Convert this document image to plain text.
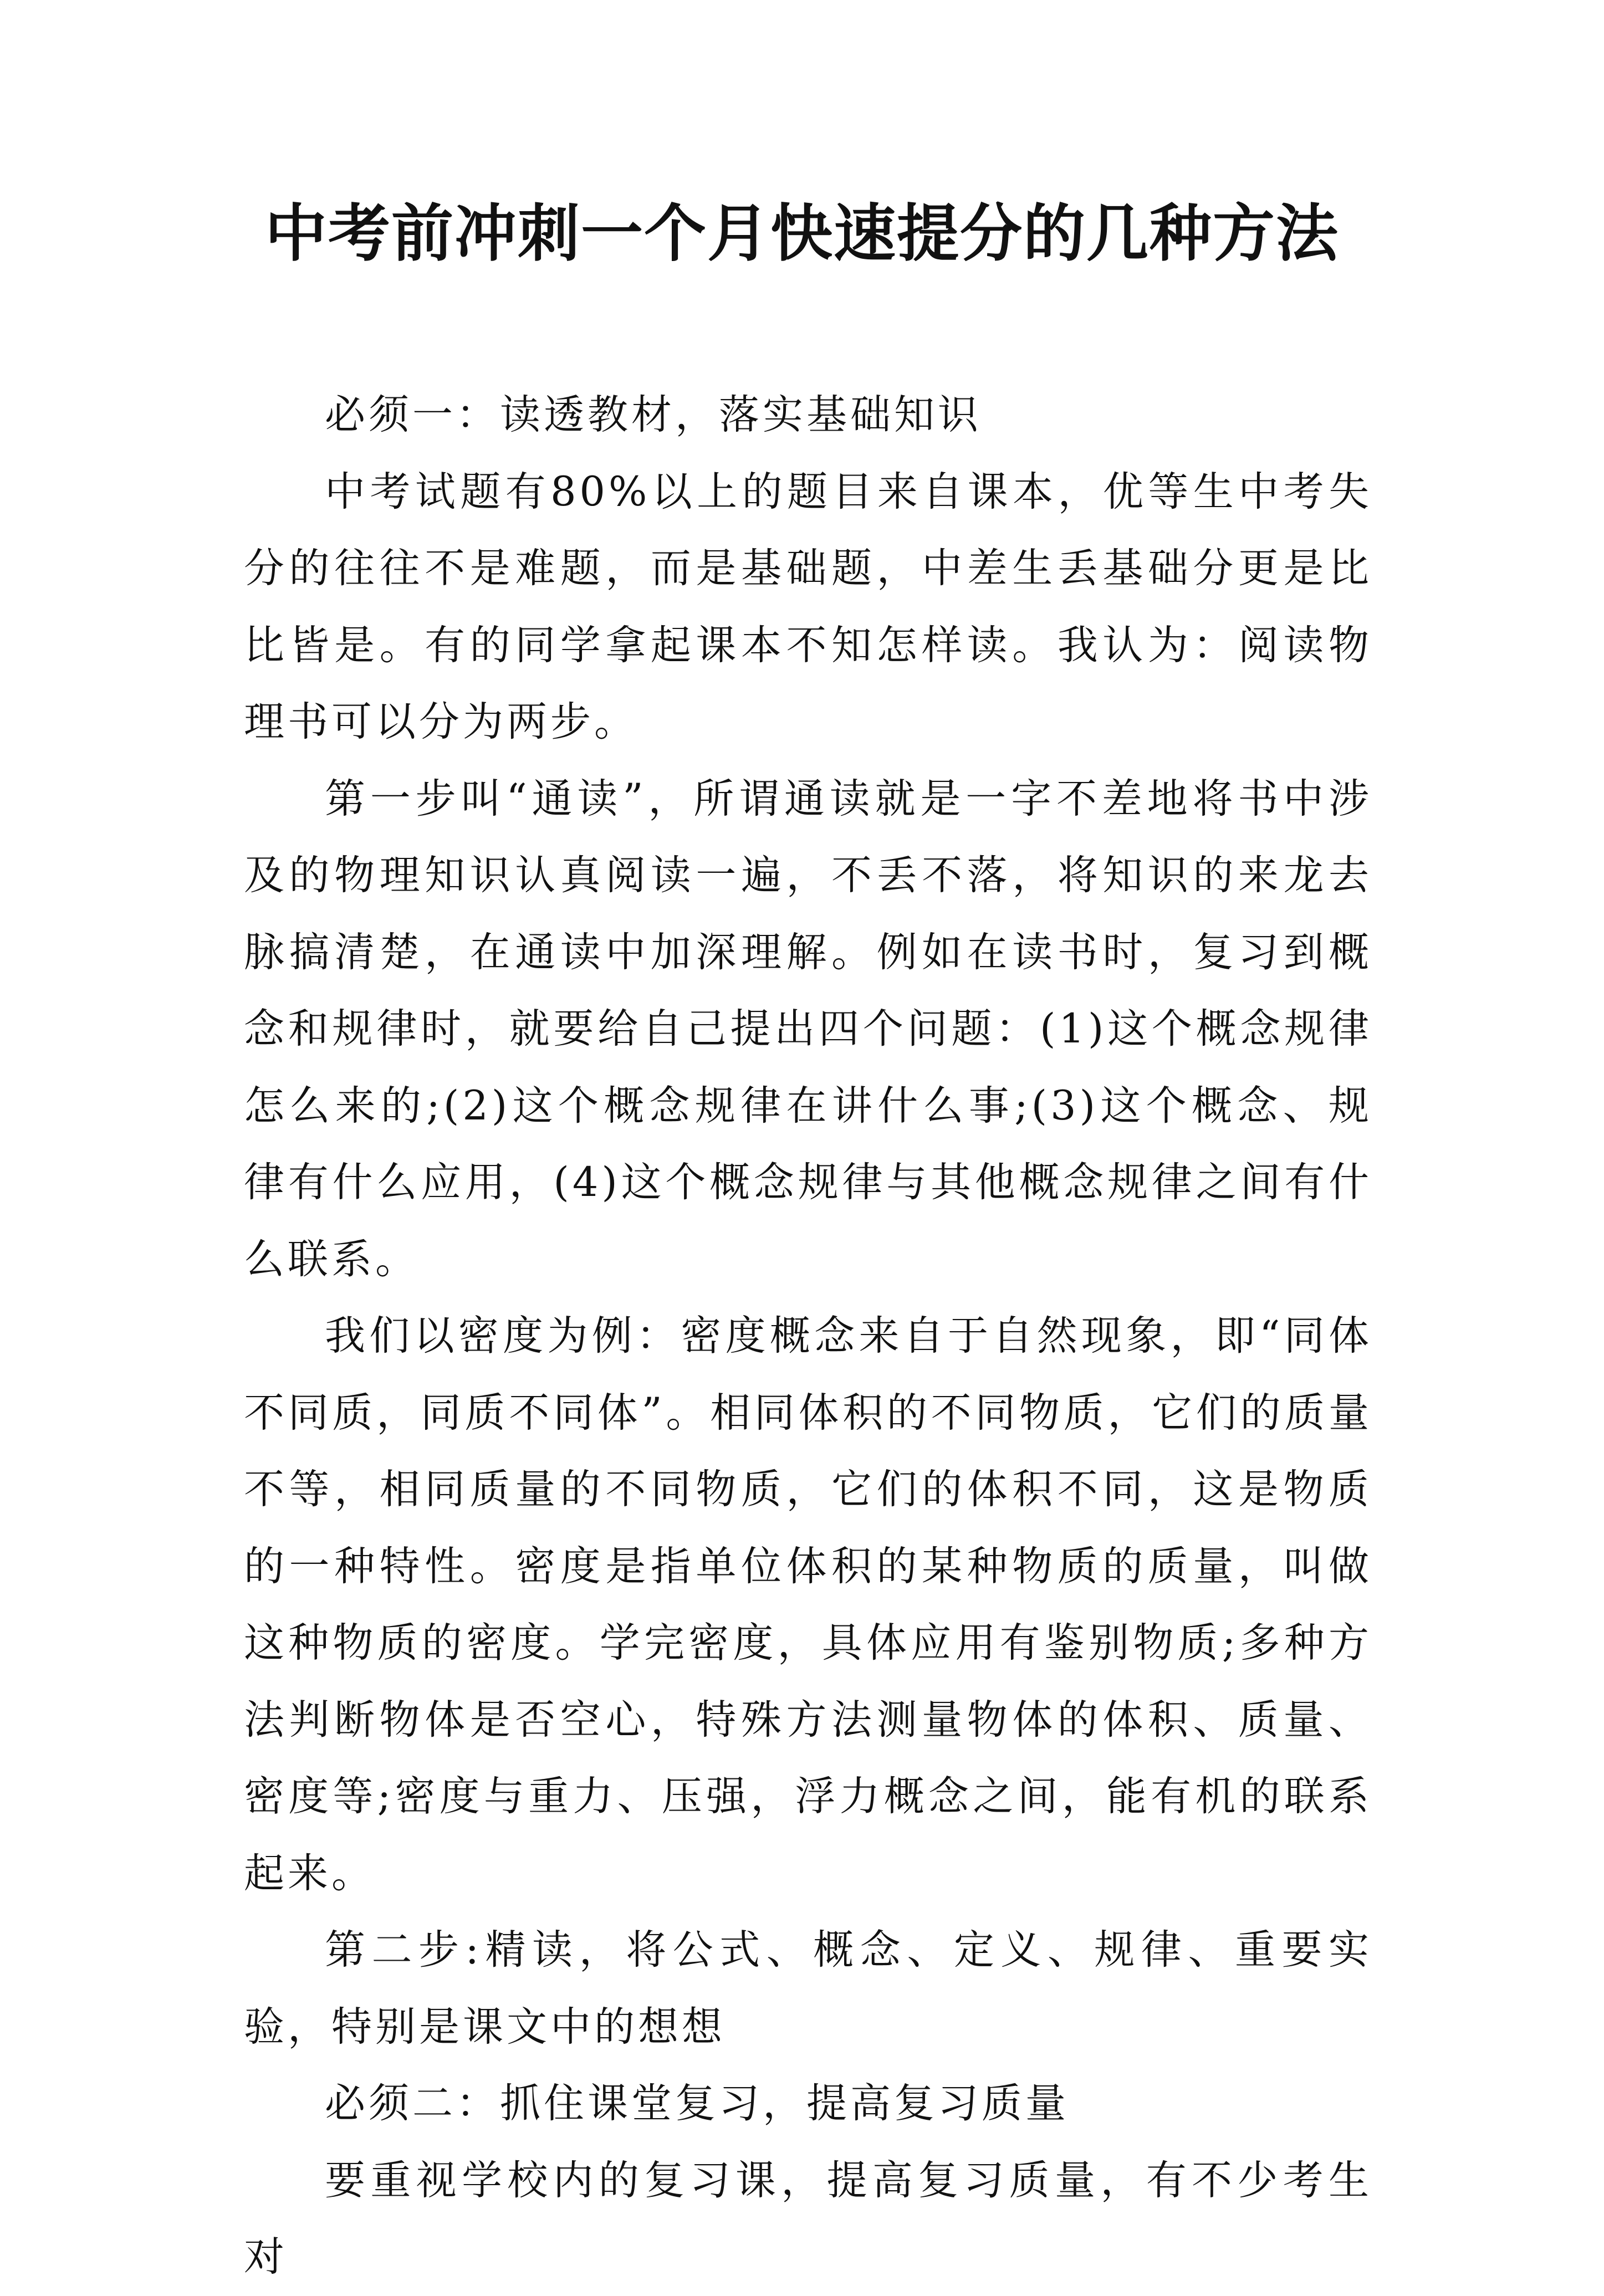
中考前冲刺一个月快速提分的几种方法

必须一：读透教材，落实基础知识

中考试题有80%以上的题目来自课本，优等生中考失分的往往不是难题，而是基础题，中差生丢基础分更是比比皆是。有的同学拿起课本不知怎样读。我认为：阅读物理书可以分为两步。

第一步叫“通读”，所谓通读就是一字不差地将书中涉及的物理知识认真阅读一遍，不丢不落，将知识的来龙去脉搞清楚，在通读中加深理解。例如在读书时，复习到概念和规律时，就要给自己提出四个问题：(1)这个概念规律怎么来的;(2)这个概念规律在讲什么事;(3)这个概念、规律有什么应用，(4)这个概念规律与其他概念规律之间有什么联系。

我们以密度为例：密度概念来自于自然现象，即“同体不同质，同质不同体”。相同体积的不同物质，它们的质量不等，相同质量的不同物质，它们的体积不同，这是物质的一种特性。密度是指单位体积的某种物质的质量，叫做这种物质的密度。学完密度，具体应用有鉴别物质;多种方法判断物体是否空心，特殊方法测量物体的体积、质量、密度等;密度与重力、压强，浮力概念之间，能有机的联系起来。

第二步:精读，将公式、概念、定义、规律、重要实验，特别是课文中的想想

必须二：抓住课堂复习，提高复习质量

要重视学校内的复习课，提高复习质量，有不少考生对
